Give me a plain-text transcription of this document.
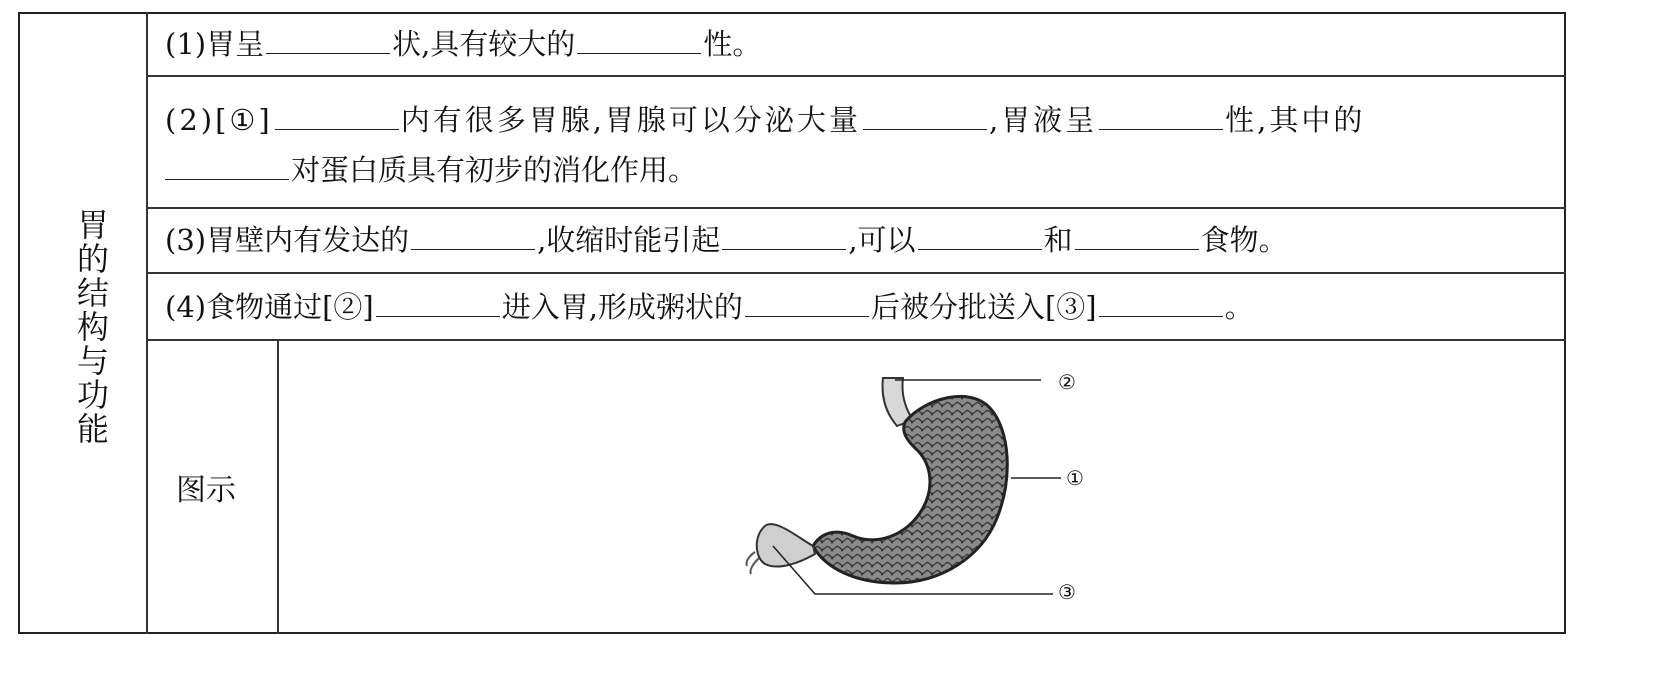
胃的结构与功能
(1)胃呈	状,具有较大的	性。
(2)[①]	内有很多胃腺,胃腺可以分泌大量	,胃液呈	性,其中的
对蛋白质具有初步的消化作用。
(3)胃壁内有发达的	,收缩时能引起	,可以	和	食物。
(4)食物通过[②]	进入胃,形成粥状的	后被分批送入[③]	。
图示
②
①
③
